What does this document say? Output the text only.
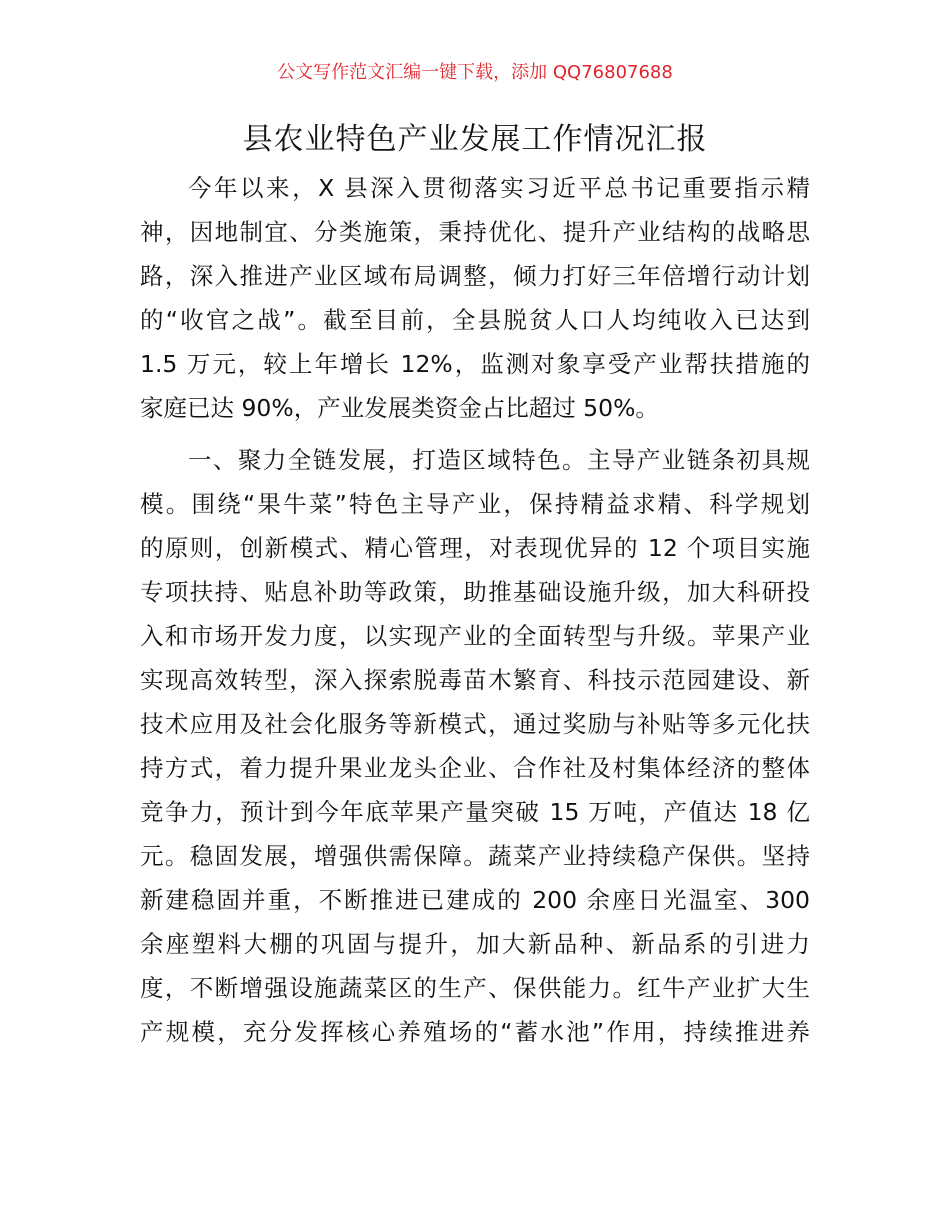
公文写作范文汇编一键下载，添加 QQ76807688
县农业特色产业发展工作情况汇报
今年以来，X 县深入贯彻落实习近平总书记重要指示精
神，因地制宜、分类施策，秉持优化、提升产业结构的战略思
路，深入推进产业区域布局调整，倾力打好三年倍增行动计划
的“收官之战”。截至目前，全县脱贫人口人均纯收入已达到
1.5 万元，较上年增长 12%，监测对象享受产业帮扶措施的
家庭已达 90%，产业发展类资金占比超过 50%。
一、聚力全链发展，打造区域特色。主导产业链条初具规
模。围绕“果牛菜”特色主导产业，保持精益求精、科学规划
的原则，创新模式、精心管理，对表现优异的 12 个项目实施
专项扶持、贴息补助等政策，助推基础设施升级，加大科研投
入和市场开发力度，以实现产业的全面转型与升级。苹果产业
实现高效转型，深入探索脱毒苗木繁育、科技示范园建设、新
技术应用及社会化服务等新模式，通过奖励与补贴等多元化扶
持方式，着力提升果业龙头企业、合作社及村集体经济的整体
竞争力，预计到今年底苹果产量突破 15 万吨，产值达 18 亿
元。稳固发展，增强供需保障。蔬菜产业持续稳产保供。坚持
新建稳固并重，不断推进已建成的 200 余座日光温室、300
余座塑料大棚的巩固与提升，加大新品种、新品系的引进力
度，不断增强设施蔬菜区的生产、保供能力。红牛产业扩大生
产规模，充分发挥核心养殖场的“蓄水池”作用，持续推进养
